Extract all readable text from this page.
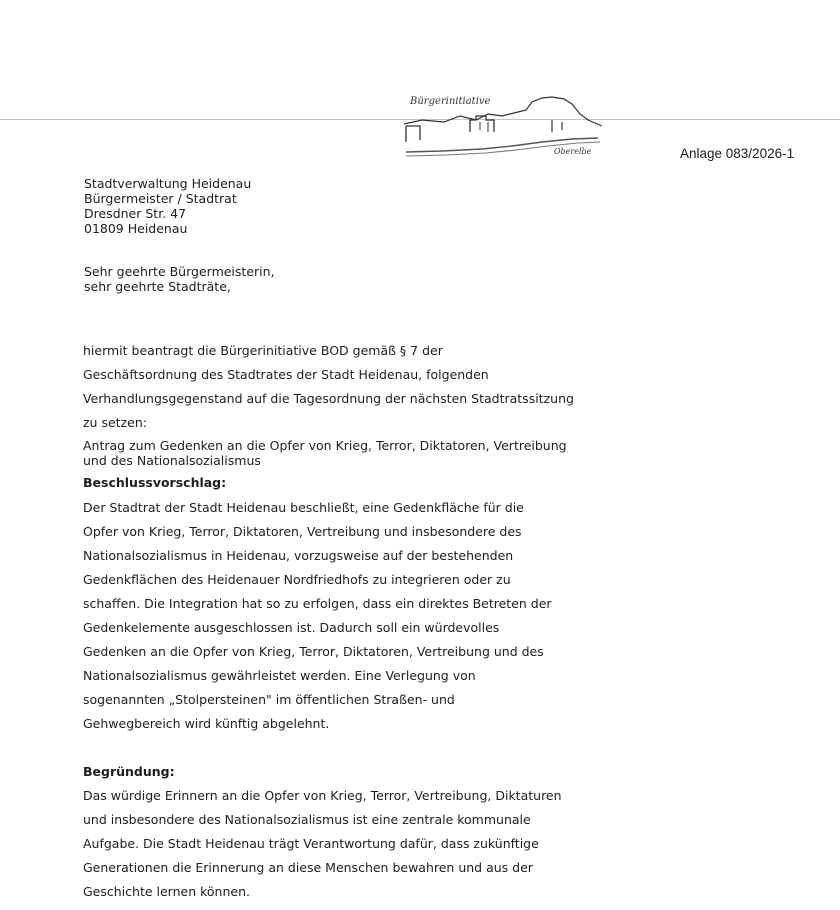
Bürgerinitiative
Oberelbe	Anlage 083/2026-1
Stadtverwaltung Heidenau
Bürgermeister / Stadtrat
Dresdner Str. 47
01809 Heidenau
Sehr geehrte Bürgermeisterin,
sehr geehrte Stadträte,
hiermit beantragt die Bürgerinitiative BOD gemäß § 7 der
Geschäftsordnung des Stadtrates der Stadt Heidenau, folgenden
Verhandlungsgegenstand auf die Tagesordnung der nächsten Stadtratssitzung
zu setzen:
Antrag zum Gedenken an die Opfer von Krieg, Terror, Diktatoren, Vertreibung
und des Nationalsozialismus
Beschlussvorschlag:
Der Stadtrat der Stadt Heidenau beschließt, eine Gedenkfläche für die
Opfer von Krieg, Terror, Diktatoren, Vertreibung und insbesondere des
Nationalsozialismus in Heidenau, vorzugsweise auf der bestehenden
Gedenkflächen des Heidenauer Nordfriedhofs zu integrieren oder zu
schaffen. Die Integration hat so zu erfolgen, dass ein direktes Betreten der
Gedenkelemente ausgeschlossen ist. Dadurch soll ein würdevolles
Gedenken an die Opfer von Krieg, Terror, Diktatoren, Vertreibung und des
Nationalsozialismus gewährleistet werden. Eine Verlegung von
sogenannten „Stolpersteinen" im öffentlichen Straßen- und
Gehwegbereich wird künftig abgelehnt.
Begründung:
Das würdige Erinnern an die Opfer von Krieg, Terror, Vertreibung, Diktaturen
und insbesondere des Nationalsozialismus ist eine zentrale kommunale
Aufgabe. Die Stadt Heidenau trägt Verantwortung dafür, dass zukünftige
Generationen die Erinnerung an diese Menschen bewahren und aus der
Geschichte lernen können.
